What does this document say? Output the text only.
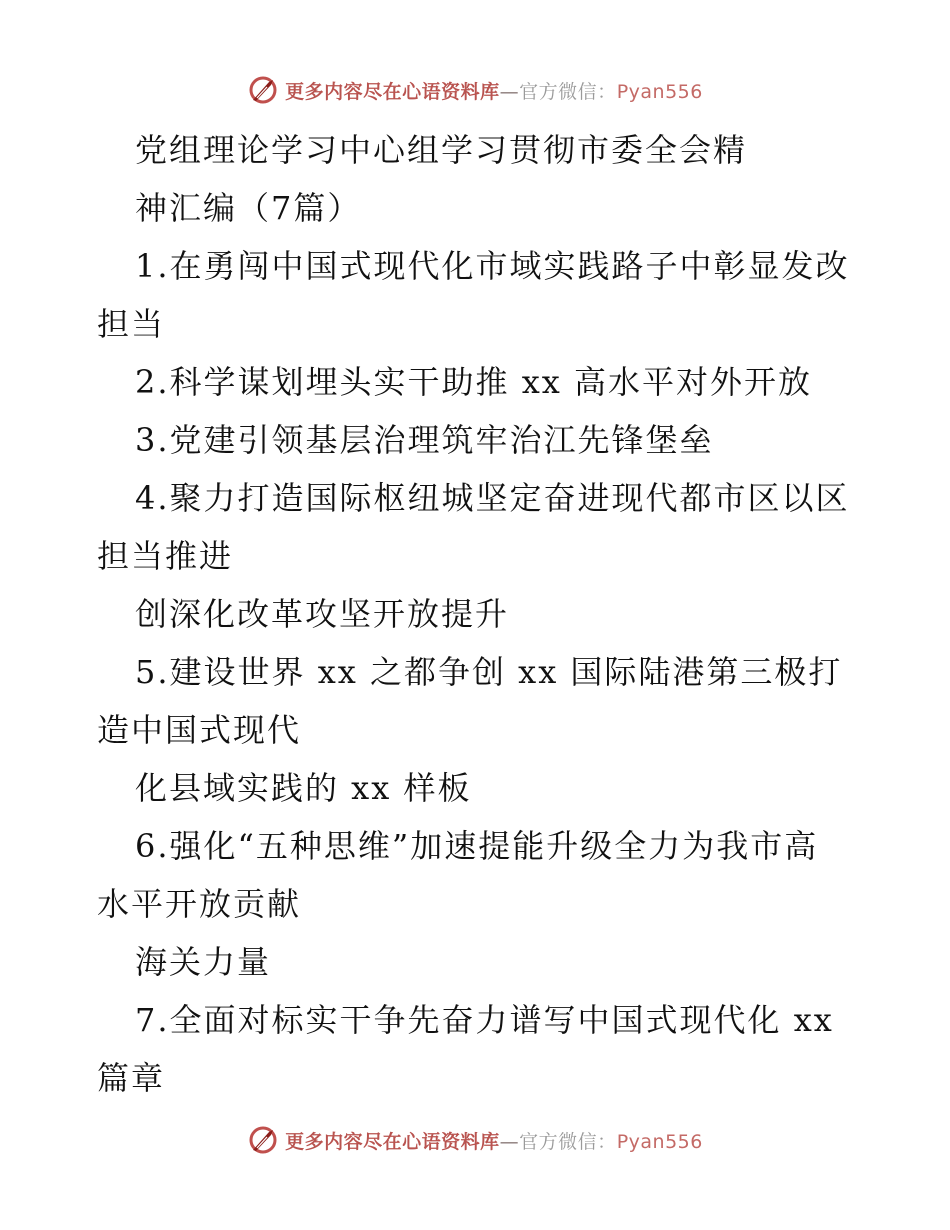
更多内容尽在心语资料库—官方微信：Pyan556
党组理论学习中心组学习贯彻市委全会精
神汇编（7篇）
1.在勇闯中国式现代化市域实践路子中彰显发改
担当
2.科学谋划埋头实干助推 xx 高水平对外开放
3.党建引领基层治理筑牢治江先锋堡垒
4.聚力打造国际枢纽城坚定奋进现代都市区以区
担当推进
创深化改革攻坚开放提升
5.建设世界 xx 之都争创 xx 国际陆港第三极打
造中国式现代
化县域实践的 xx 样板
6.强化“五种思维”加速提能升级全力为我市高
水平开放贡献
海关力量
7.全面对标实干争先奋力谱写中国式现代化 xx
篇章
更多内容尽在心语资料库—官方微信：Pyan556
